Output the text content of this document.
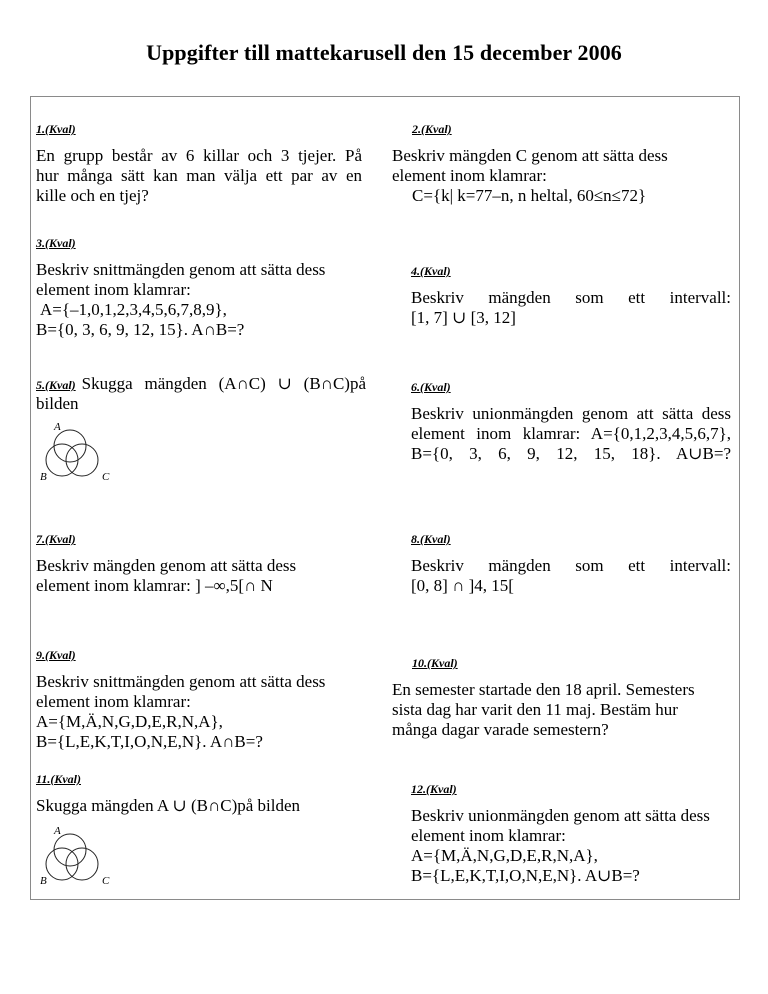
Uppgifter till mattekarusell den 15 december 2006
1.(Kval)

En grupp består av 6 killar och 3 tjejer. På

hur många sätt kan man välja ett par av en

kille och en tjej?

2.(Kval)

Beskriv mängden C genom att sätta dess

element inom klamrar:

C={k| k=77–n, n heltal, 60≤n≤72}

3.(Kval)

Beskriv snittmängden genom att sätta dess

element inom klamrar:

A={–1,0,1,2,3,4,5,6,7,8,9},

B={0, 3, 6, 9, 12, 15}. A∩B=?

4.(Kval)

Beskriv mängden som ett intervall:

[1, 7] ∪ [3, 12]

5.(Kval) Skugga mängden (A∩C) ∪ (B∩C)på

bilden

A
B	C
6.(Kval)

Beskriv unionmängden genom att sätta dess

element inom klamrar: A={0,1,2,3,4,5,6,7},

B={0, 3, 6, 9, 12, 15, 18}. A∪B=?

7.(Kval)

Beskriv mängden genom att sätta dess

element inom klamrar: ] –∞,5[∩ N

8.(Kval)

Beskriv mängden som ett intervall:

[0, 8] ∩ ]4, 15[

9.(Kval)

Beskriv snittmängden genom att sätta dess

element inom klamrar:

A={M,Ä,N,G,D,E,R,N,A},

B={L,E,K,T,I,O,N,E,N}. A∩B=?

10.(Kval)

En semester startade den 18 april. Semesters

sista dag har varit den 11 maj. Bestäm hur

många dagar varade semestern?

11.(Kval)

Skugga mängden A ∪ (B∩C)på bilden

A
B	C
12.(Kval)

Beskriv unionmängden genom att sätta dess

element inom klamrar:

A={M,Ä,N,G,D,E,R,N,A},

B={L,E,K,T,I,O,N,E,N}. A∪B=?
